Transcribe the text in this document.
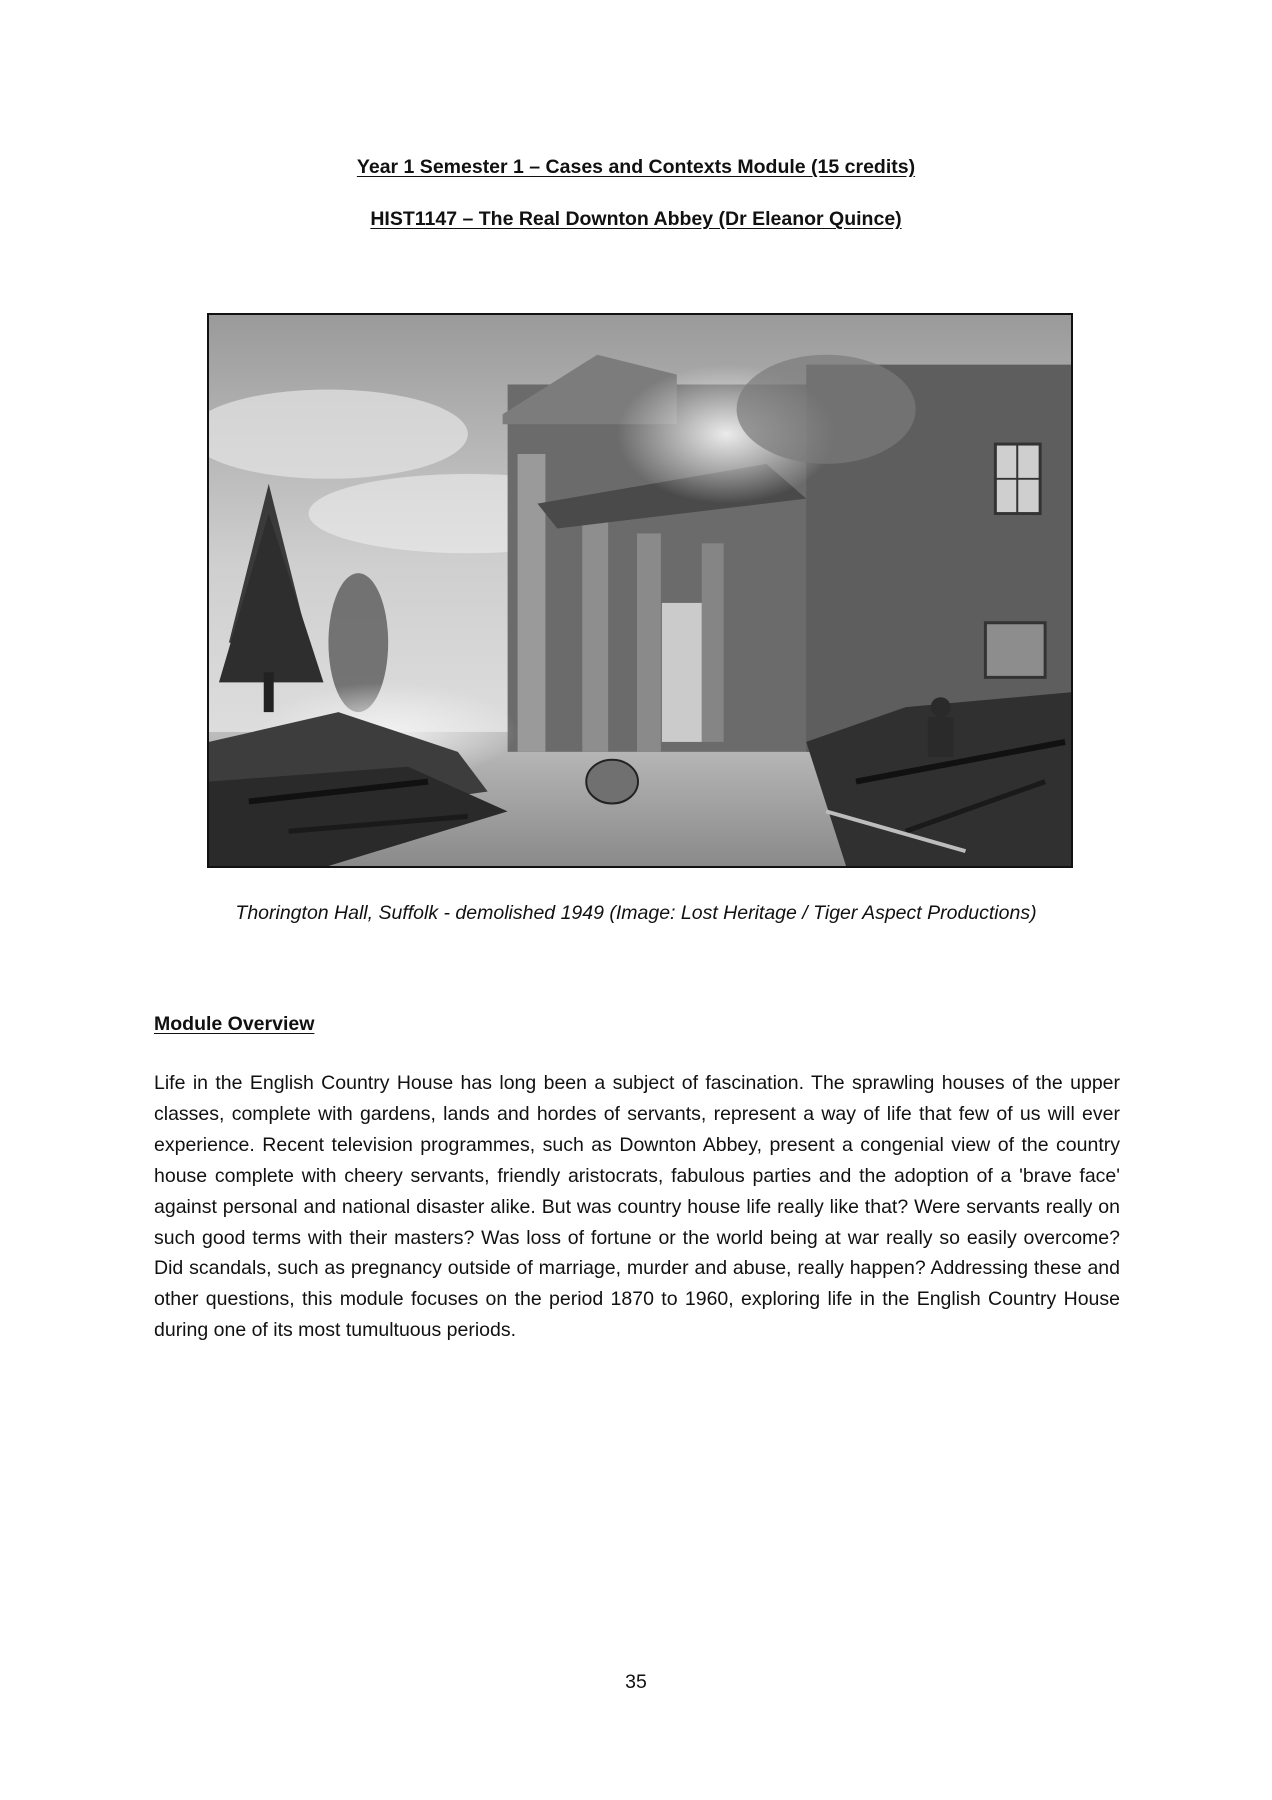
Year 1 Semester 1 – Cases and Contexts Module (15 credits)
HIST1147 – The Real Downton Abbey (Dr Eleanor Quince)
Thorington Hall, Suffolk - demolished 1949 (Image: Lost Heritage / Tiger Aspect Productions)
Module Overview

Life in the English Country House has long been a subject of fascination. The sprawling houses of the upper classes, complete with gardens, lands and hordes of servants, represent a way of life that few of us will ever experience. Recent television programmes, such as Downton Abbey, present a congenial view of the country house complete with cheery servants, friendly aristocrats, fabulous parties and the adoption of a 'brave face' against personal and national disaster alike. But was country house life really like that? Were servants really on such good terms with their masters? Was loss of fortune or the world being at war really so easily overcome? Did scandals, such as pregnancy outside of marriage, murder and abuse, really happen? Addressing these and other questions, this module focuses on the period 1870 to 1960, exploring life in the English Country House during one of its most tumultuous periods.

35
